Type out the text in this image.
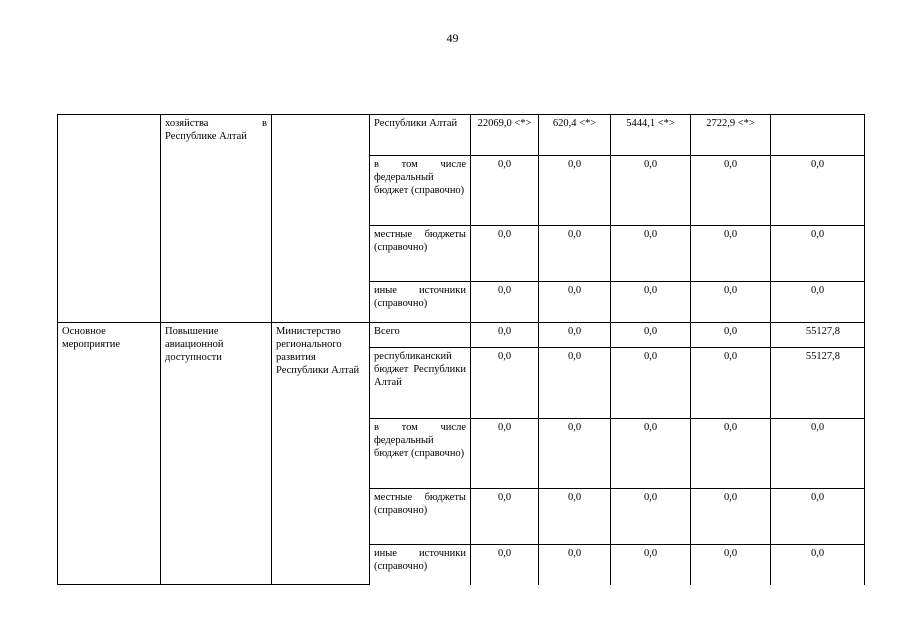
49

	хозяйства в Республике Алтай		Республики Алтай	22069,0 <*>	620,4 <*>	5444,1 <*>	2722,9 <*>	

			в том числе федеральный бюджет (справочно)	0,0	0,0	0,0	0,0	0,0

			местные бюджеты (справочно)	0,0	0,0	0,0	0,0	0,0

			иные источники (справочно)	0,0	0,0	0,0	0,0	0,0

Основное мероприятие	Повышение авиационной доступности	Министерство регионального развития Республики Алтай	Всего	0,0	0,0	0,0	0,0	55127,8

			республиканский бюджет Республики Алтай	0,0	0,0	0,0	0,0	55127,8

			в том числе федеральный бюджет (справочно)	0,0	0,0	0,0	0,0	0,0

			местные бюджеты (справочно)	0,0	0,0	0,0	0,0	0,0

			иные источники (справочно)	0,0	0,0	0,0	0,0	0,0
